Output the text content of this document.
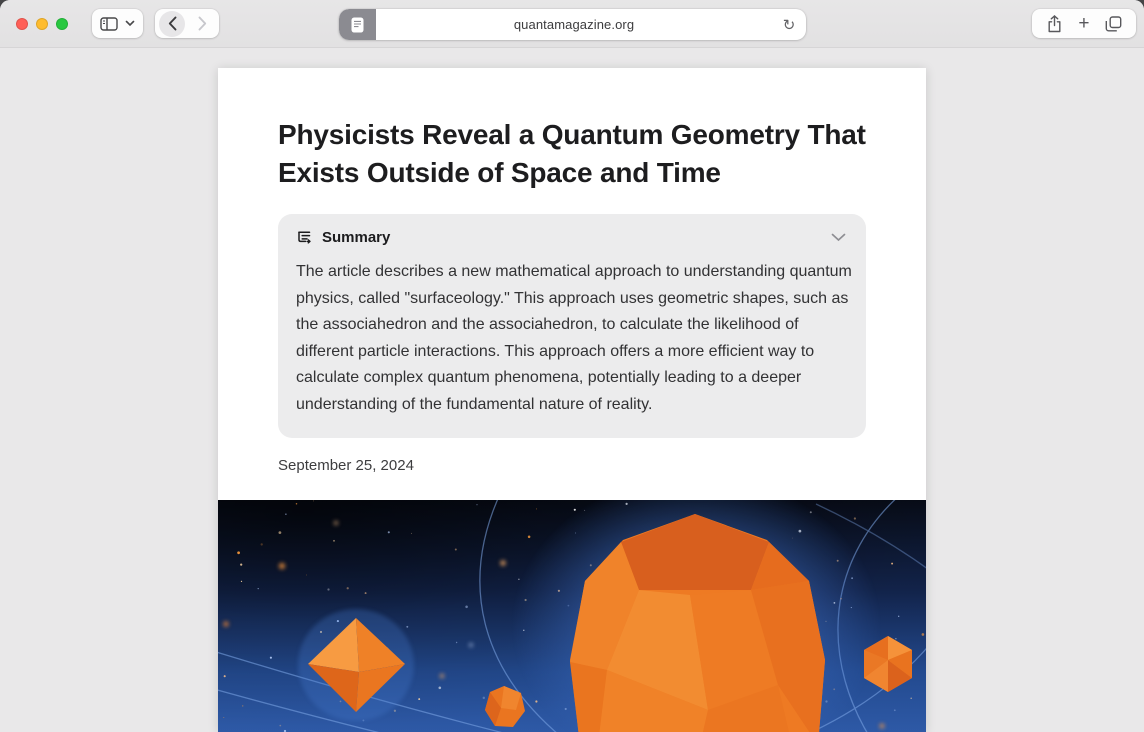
quantamagazine.org	↻	+
Physicists Reveal a Quantum Geometry That Exists Outside of Space and Time
Summary

The article describes a new mathematical approach to understanding quantum physics, called "surfaceology." This approach uses geometric shapes, such as the associahedron and the associahedron, to calculate the likelihood of different particle interactions. This approach offers a more efficient way to calculate complex quantum phenomena, potentially leading to a deeper understanding of the fundamental nature of reality.

September 25, 2024
